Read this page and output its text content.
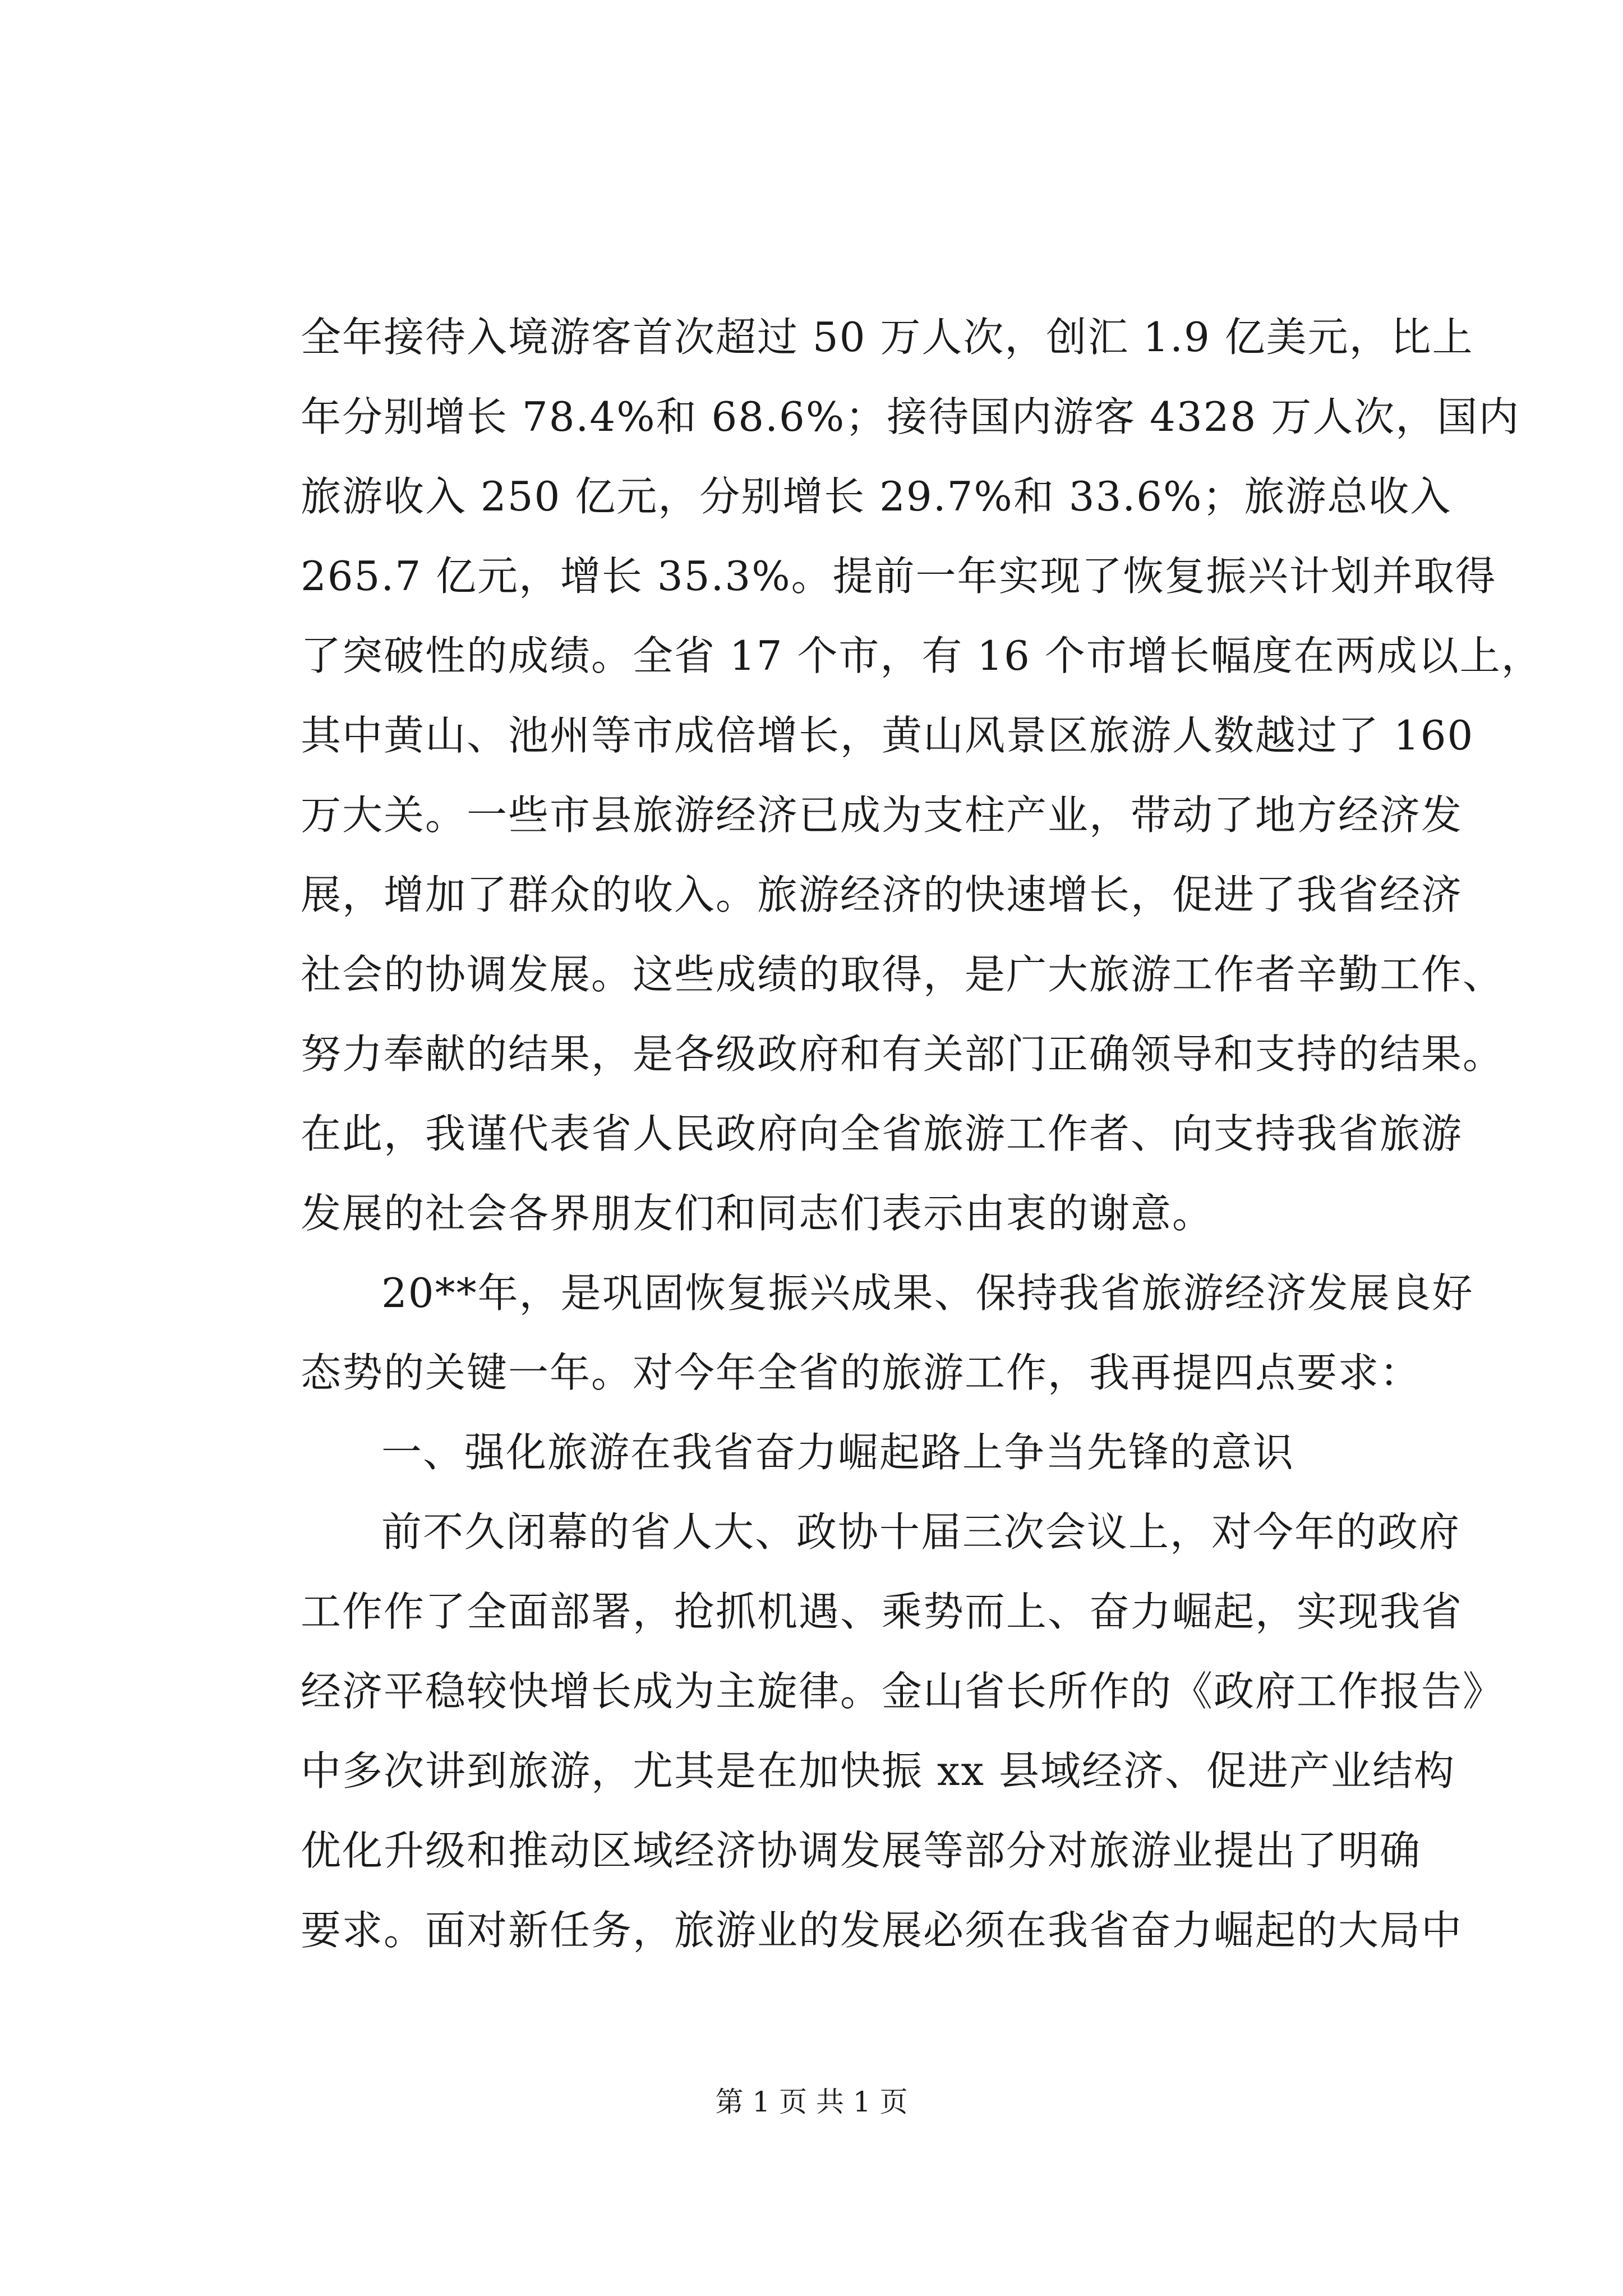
全年接待入境游客首次超过 50 万人次，创汇 1.9 亿美元，比上
年分别增长 78.4%和 68.6%；接待国内游客 4328 万人次，国内
旅游收入 250 亿元，分别增长 29.7%和 33.6%；旅游总收入
265.7 亿元，增长 35.3%。提前一年实现了恢复振兴计划并取得
了突破性的成绩。全省 17 个市，有 16 个市增长幅度在两成以上，
其中黄山、池州等市成倍增长，黄山风景区旅游人数越过了 160
万大关。一些市县旅游经济已成为支柱产业，带动了地方经济发
展，增加了群众的收入。旅游经济的快速增长，促进了我省经济
社会的协调发展。这些成绩的取得，是广大旅游工作者辛勤工作、
努力奉献的结果，是各级政府和有关部门正确领导和支持的结果。
在此，我谨代表省人民政府向全省旅游工作者、向支持我省旅游
发展的社会各界朋友们和同志们表示由衷的谢意。
20**年，是巩固恢复振兴成果、保持我省旅游经济发展良好
态势的关键一年。对今年全省的旅游工作，我再提四点要求：
一、强化旅游在我省奋力崛起路上争当先锋的意识
前不久闭幕的省人大、政协十届三次会议上，对今年的政府
工作作了全面部署，抢抓机遇、乘势而上、奋力崛起，实现我省
经济平稳较快增长成为主旋律。金山省长所作的《政府工作报告》
中多次讲到旅游，尤其是在加快振 xx 县域经济、促进产业结构
优化升级和推动区域经济协调发展等部分对旅游业提出了明确
要求。面对新任务，旅游业的发展必须在我省奋力崛起的大局中
第 1 页 共 1 页
